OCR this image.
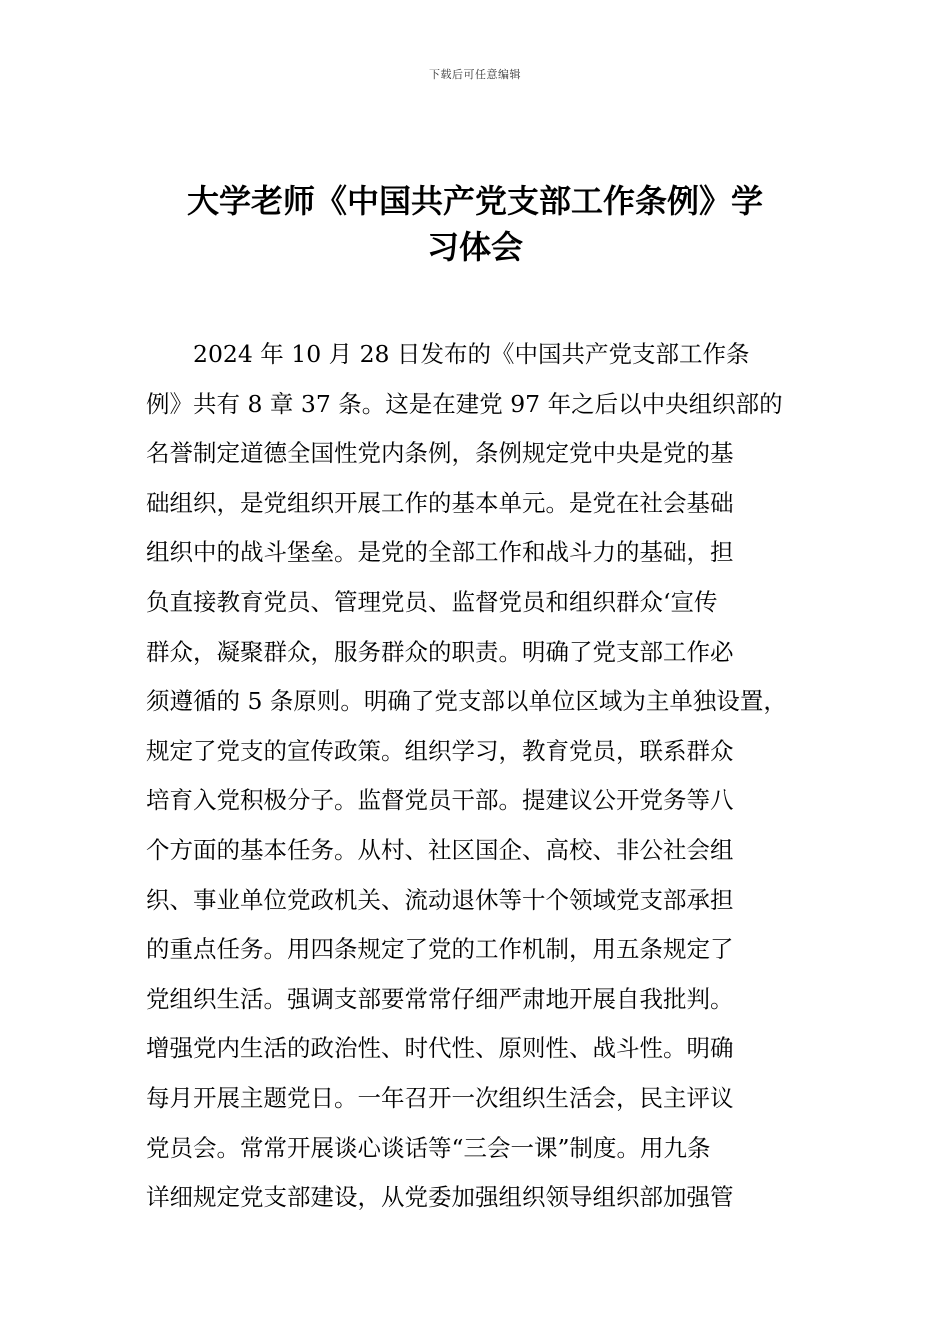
下载后可任意编辑
大学老师《中国共产党支部工作条例》学
习体会
2024 年 10 月 28 日发布的《中国共产党支部工作条
例》共有 8 章 37 条。这是在建党 97 年之后以中央组织部的
名誉制定道德全国性党内条例，条例规定党中央是党的基
础组织，是党组织开展工作的基本单元。是党在社会基础
组织中的战斗堡垒。是党的全部工作和战斗力的基础，担
负直接教育党员、管理党员、监督党员和组织群众‘宣传
群众，凝聚群众，服务群众的职责。明确了党支部工作必
须遵循的 5 条原则。明确了党支部以单位区域为主单独设置，
规定了党支的宣传政策。组织学习，教育党员，联系群众
培育入党积极分子。监督党员干部。提建议公开党务等八
个方面的基本任务。从村、社区国企、高校、非公社会组
织、事业单位党政机关、流动退休等十个领域党支部承担
的重点任务。用四条规定了党的工作机制，用五条规定了
党组织生活。强调支部要常常仔细严肃地开展自我批判。
增强党内生活的政治性、时代性、原则性、战斗性。明确
每月开展主题党日。一年召开一次组织生活会，民主评议
党员会。常常开展谈心谈话等“三会一课”制度。用九条
详细规定党支部建设，从党委加强组织领导组织部加强管
